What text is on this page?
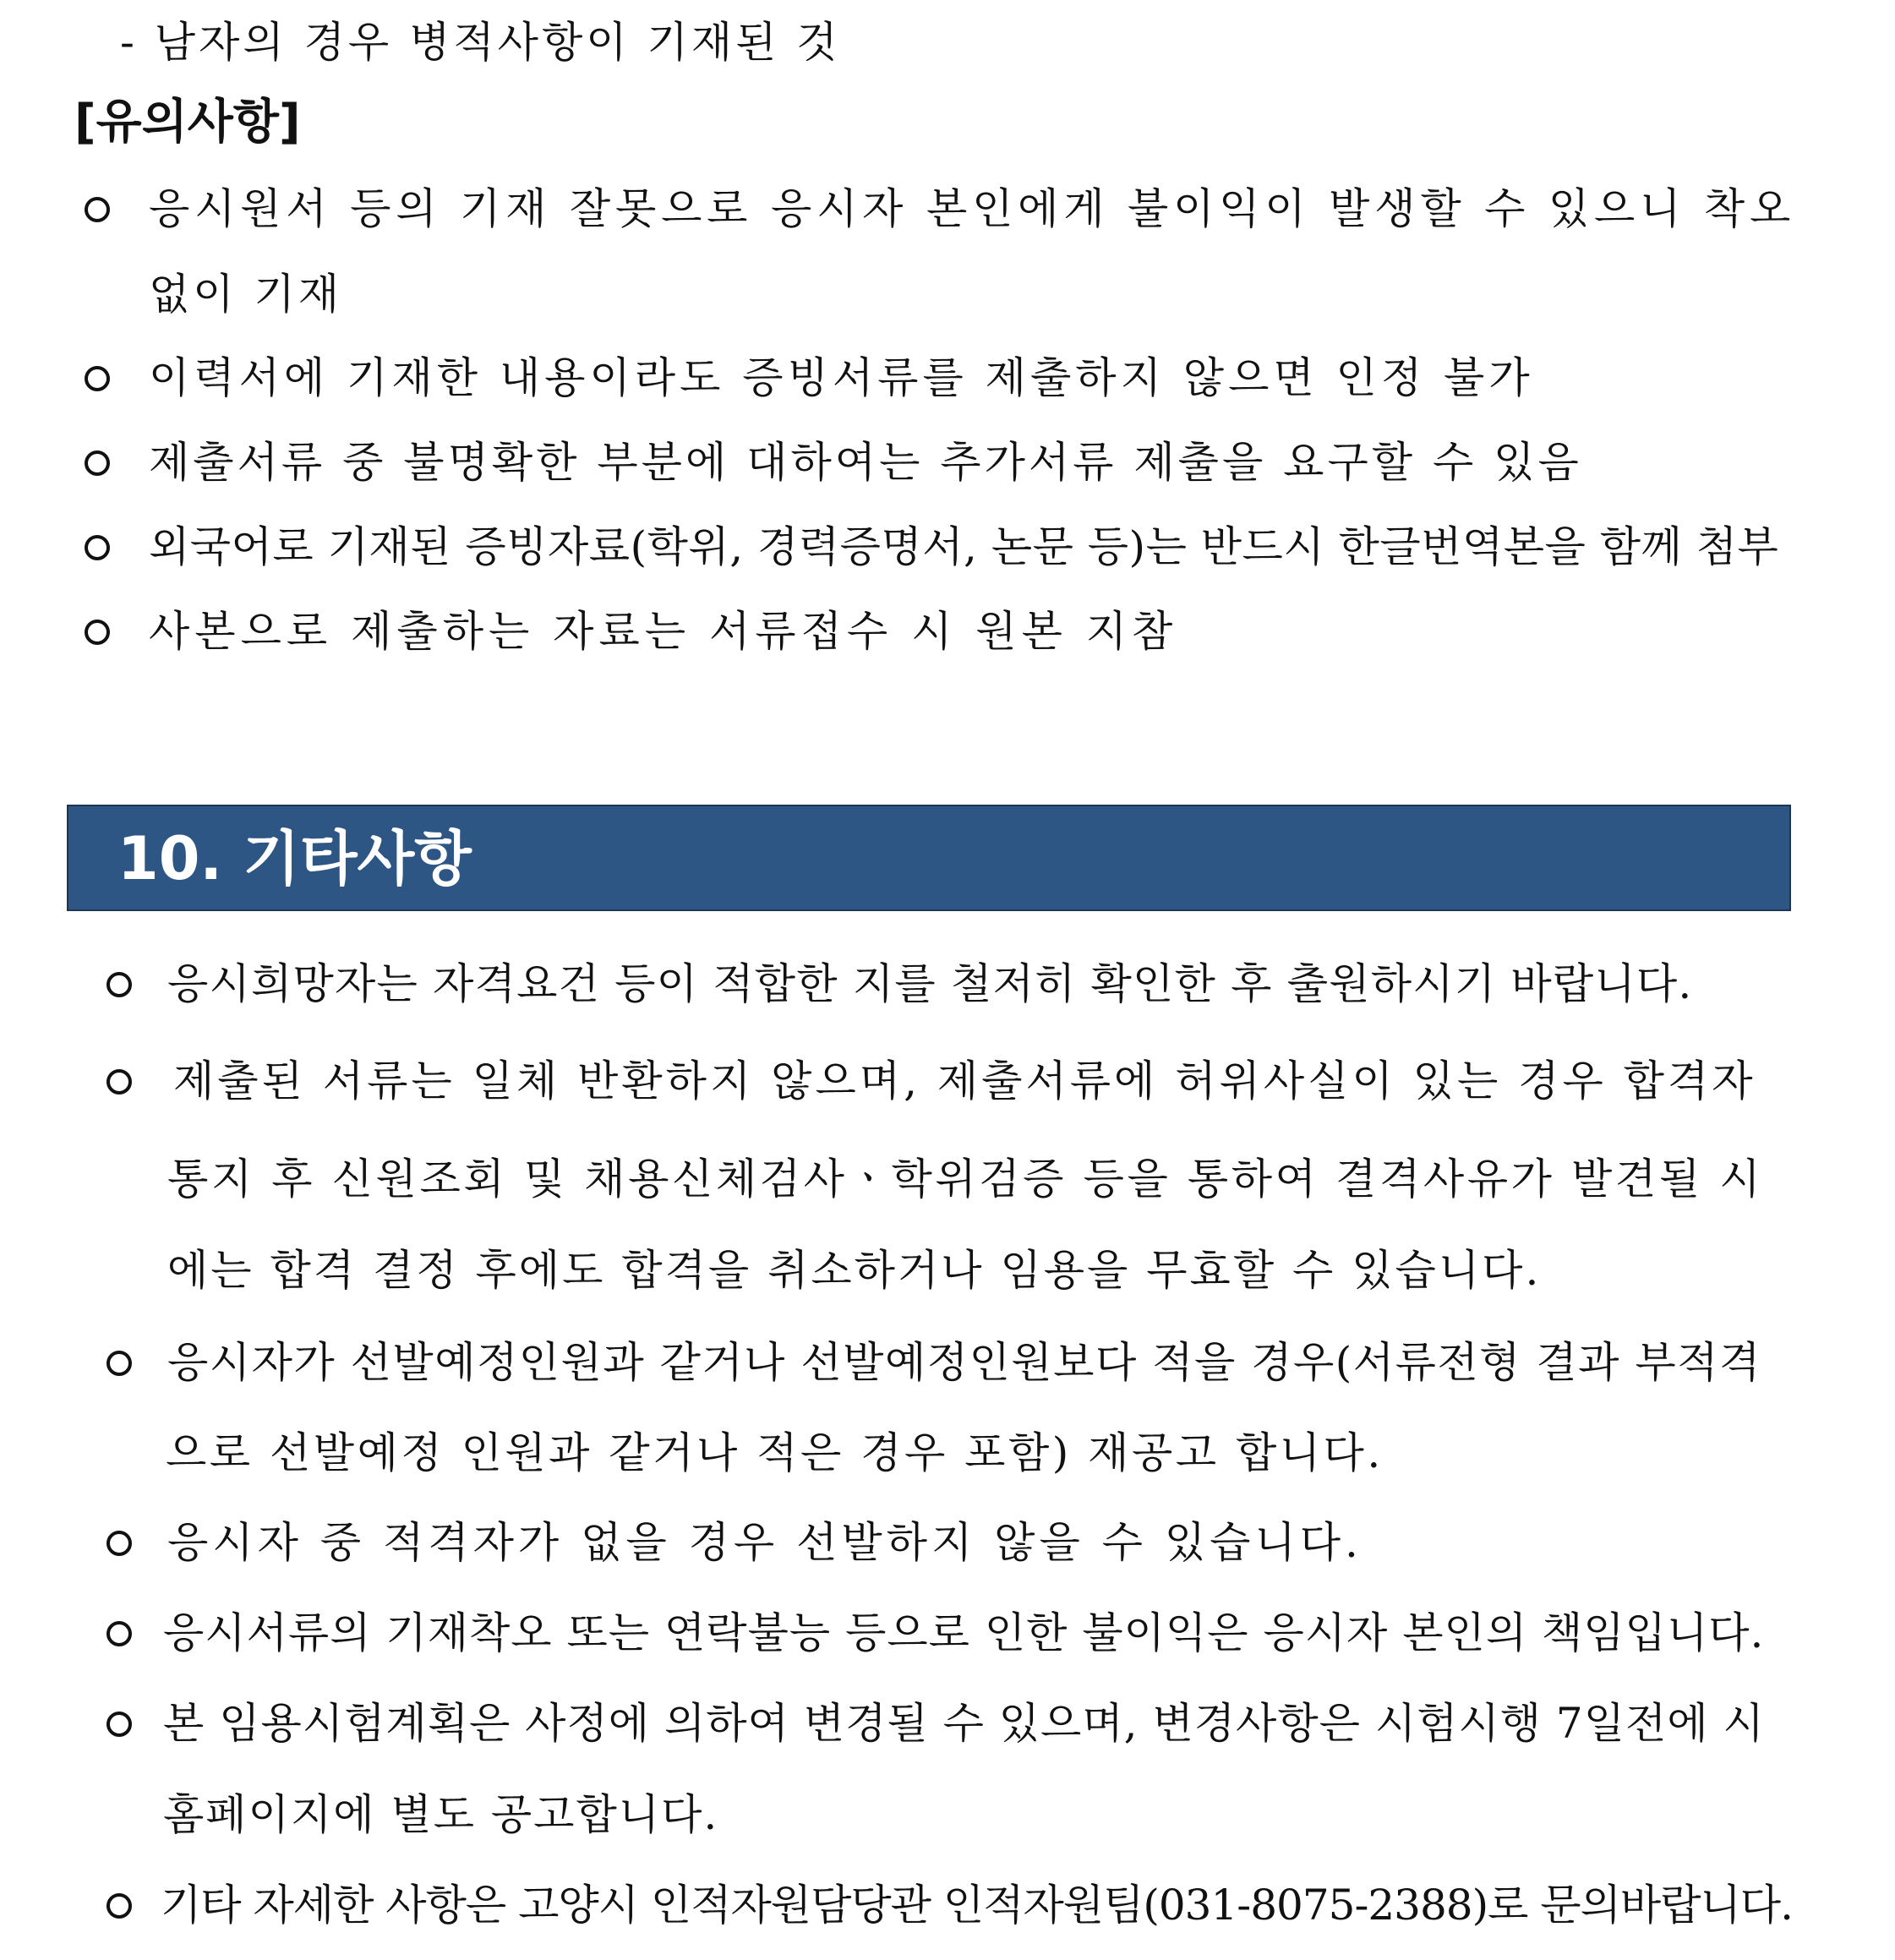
- 남자의 경우 병적사항이 기재된 것
[유의사항]
응시원서 등의 기재 잘못으로 응시자 본인에게 불이익이 발생할 수 있으니 착오
없이 기재
이력서에 기재한 내용이라도 증빙서류를 제출하지 않으면 인정 불가
제출서류 중 불명확한 부분에 대하여는 추가서류 제출을 요구할 수 있음
외국어로 기재된 증빙자료(학위, 경력증명서, 논문 등)는 반드시 한글번역본을 함께 첨부
사본으로 제출하는 자료는 서류접수 시 원본 지참
10. 기타사항
응시희망자는 자격요건 등이 적합한 지를 철저히 확인한 후 출원하시기 바랍니다.
제출된 서류는 일체 반환하지 않으며, 제출서류에 허위사실이 있는 경우 합격자
통지 후 신원조회 및 채용신체검사ㆍ학위검증 등을 통하여 결격사유가 발견될 시
에는 합격 결정 후에도 합격을 취소하거나 임용을 무효할 수 있습니다.
응시자가 선발예정인원과 같거나 선발예정인원보다 적을 경우(서류전형 결과 부적격
으로 선발예정 인원과 같거나 적은 경우 포함) 재공고 합니다.
응시자 중 적격자가 없을 경우 선발하지 않을 수 있습니다.
응시서류의 기재착오 또는 연락불능 등으로 인한 불이익은 응시자 본인의 책임입니다.
본 임용시험계획은 사정에 의하여 변경될 수 있으며, 변경사항은 시험시행 7일전에 시
홈페이지에 별도 공고합니다.
기타 자세한 사항은 고양시 인적자원담당관 인적자원팀(031-8075-2388)로 문의바랍니다.
